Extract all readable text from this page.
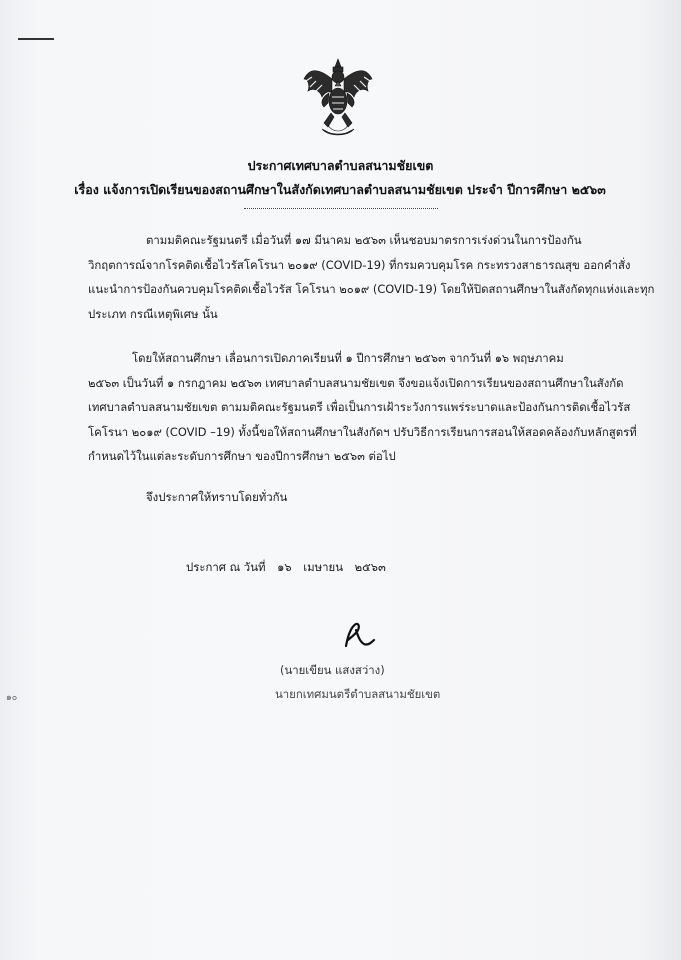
ประกาศเทศบาลตำบลสนามชัยเขต
เรื่อง แจ้งการเปิดเรียนของสถานศึกษาในสังกัดเทศบาลตำบลสนามชัยเขต ประจำ ปีการศึกษา ๒๕๖๓
ตามมติคณะรัฐมนตรี เมื่อวันที่ ๑๗ มีนาคม ๒๕๖๓ เห็นชอบมาตรการเร่งด่วนในการป้องกัน
วิกฤตการณ์จากโรคติดเชื้อไวรัสโคโรนา ๒๐๑๙ (COVID-19) ที่กรมควบคุมโรค กระทรวงสาธารณสุข ออกคำสั่ง
แนะนำการป้องกันควบคุมโรคติดเชื้อไวรัส โคโรนา ๒๐๑๙ (COVID-19) โดยให้ปิดสถานศึกษาในสังกัดทุกแห่งและทุก
ประเภท กรณีเหตุพิเศษ นั้น
โดยให้สถานศึกษา เลื่อนการเปิดภาคเรียนที่ ๑ ปีการศึกษา ๒๕๖๓ จากวันที่ ๑๖ พฤษภาคม
๒๕๖๓ เป็นวันที่ ๑ กรกฎาคม ๒๕๖๓ เทศบาลตำบลสนามชัยเขต จึงขอแจ้งเปิดการเรียนของสถานศึกษาในสังกัด
เทศบาลตำบลสนามชัยเขต ตามมติคณะรัฐมนตรี เพื่อเป็นการเฝ้าระวังการแพร่ระบาดและป้องกันการติดเชื้อไวรัส
โคโรนา ๒๐๑๙ (COVID –19) ทั้งนี้ขอให้สถานศึกษาในสังกัดฯ ปรับวิธีการเรียนการสอนให้สอดคล้องกับหลักสูตรที่
กำหนดไว้ในแต่ละระดับการศึกษา ของปีการศึกษา ๒๕๖๓ ต่อไป
จึงประกาศให้ทราบโดยทั่วกัน
ประกาศ ณ วันที่ ๑๖ เมษายน ๒๕๖๓
(นายเขียน แสงสว่าง)
นายกเทศมนตรีตำบลสนามชัยเขต
๑๐
